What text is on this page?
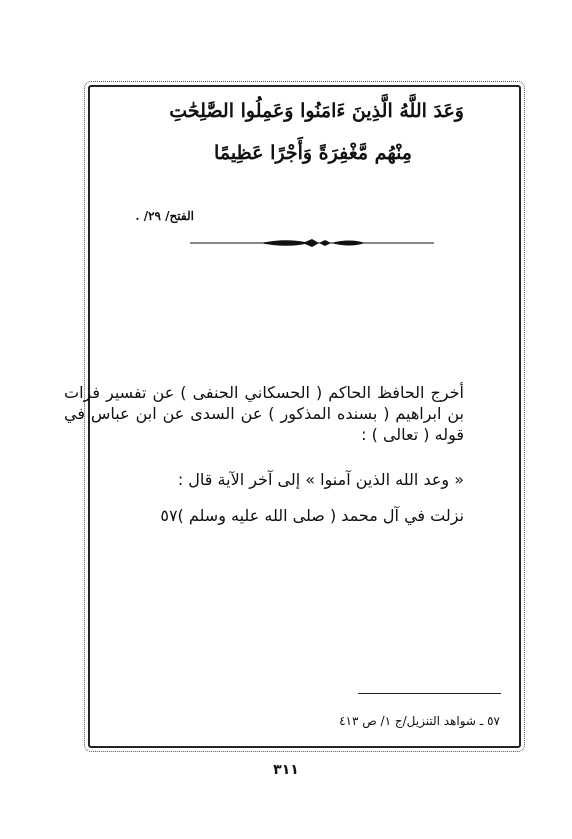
وَعَدَ اللَّهُ الَّذِينَ ءَامَنُوا وَعَمِلُوا الصَّٰلِحَٰتِ
مِنْهُم مَّغْفِرَةً وَأَجْرًا عَظِيمًا
الفتح/ ٢٩/ .
أخرج الحافظ الحاكم ( الحسكاني الحنفى ) عن تفسير فرات بن ابراهيم ( بسنده المذكور ) عن السدى عن ابن عباس في قوله ( تعالى ) :
« وعد الله الذين آمنوا » إلى آخر الآية قال :
نزلت في آل محمد ( صلى الله عليه وسلم )٥٧
٥٧ ـ شواهد التنزيل/ج ١/ ص ٤١٣
٣١١
